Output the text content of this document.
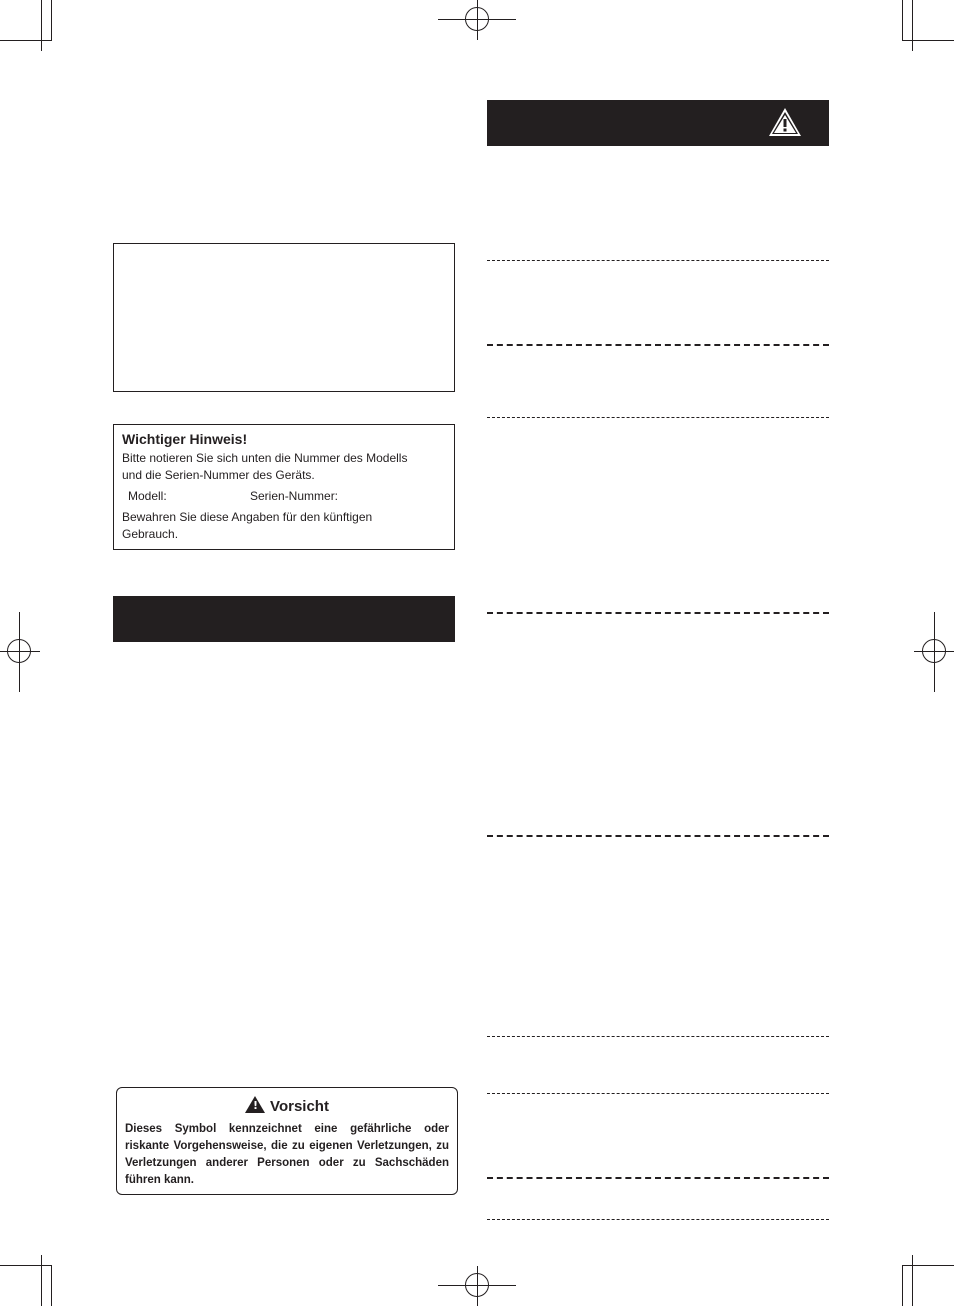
Wichtiger Hinweis!
Bitte notieren Sie sich unten die Nummer des Modells
und die Serien-Nummer des Geräts.
Modell:	Serien-Nummer:
Bewahren Sie diese Angaben für den künftigen
Gebrauch.
!Vorsicht
Dieses Symbol kennzeichnet eine gefährliche oder riskante Vorgehensweise, die zu eigenen Verletzungen, zu Verletzungen anderer Personen oder zu Sachschäden führen kann.
